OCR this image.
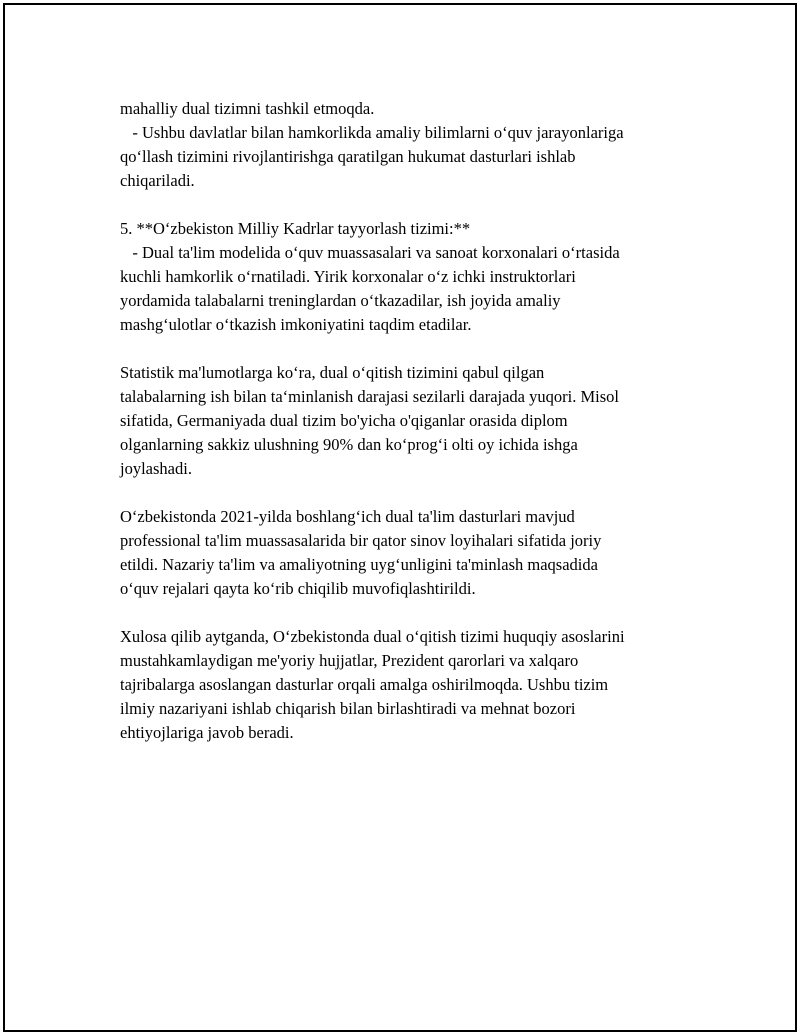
mahalliy dual tizimni tashkil etmoqda.
- Ushbu davlatlar bilan hamkorlikda amaliy bilimlarni o‘quv jarayonlariga
qo‘llash tizimini rivojlantirishga qaratilgan hukumat dasturlari ishlab
chiqariladi.

5. **O‘zbekiston Milliy Kadrlar tayyorlash tizimi:**
- Dual ta'lim modelida o‘quv muassasalari va sanoat korxonalari o‘rtasida
kuchli hamkorlik o‘rnatiladi. Yirik korxonalar o‘z ichki instruktorlari
yordamida talabalarni treninglardan o‘tkazadilar, ish joyida amaliy
mashg‘ulotlar o‘tkazish imkoniyatini taqdim etadilar.

Statistik ma'lumotlarga ko‘ra, dual o‘qitish tizimini qabul qilgan
talabalarning ish bilan ta‘minlanish darajasi sezilarli darajada yuqori. Misol
sifatida, Germaniyada dual tizim bo'yicha o'qiganlar orasida diplom
olganlarning sakkiz ulushning 90% dan ko‘prog‘i olti oy ichida ishga
joylashadi.

O‘zbekistonda 2021-yilda boshlang‘ich dual ta'lim dasturlari mavjud
professional ta'lim muassasalarida bir qator sinov loyihalari sifatida joriy
etildi. Nazariy ta'lim va amaliyotning uyg‘unligini ta'minlash maqsadida
o‘quv rejalari qayta ko‘rib chiqilib muvofiqlashtirildi.

Xulosa qilib aytganda, O‘zbekistonda dual o‘qitish tizimi huquqiy asoslarini
mustahkamlaydigan me'yoriy hujjatlar, Prezident qarorlari va xalqaro
tajribalarga asoslangan dasturlar orqali amalga oshirilmoqda. Ushbu tizim
ilmiy nazariyani ishlab chiqarish bilan birlashtiradi va mehnat bozori
ehtiyojlariga javob beradi.
